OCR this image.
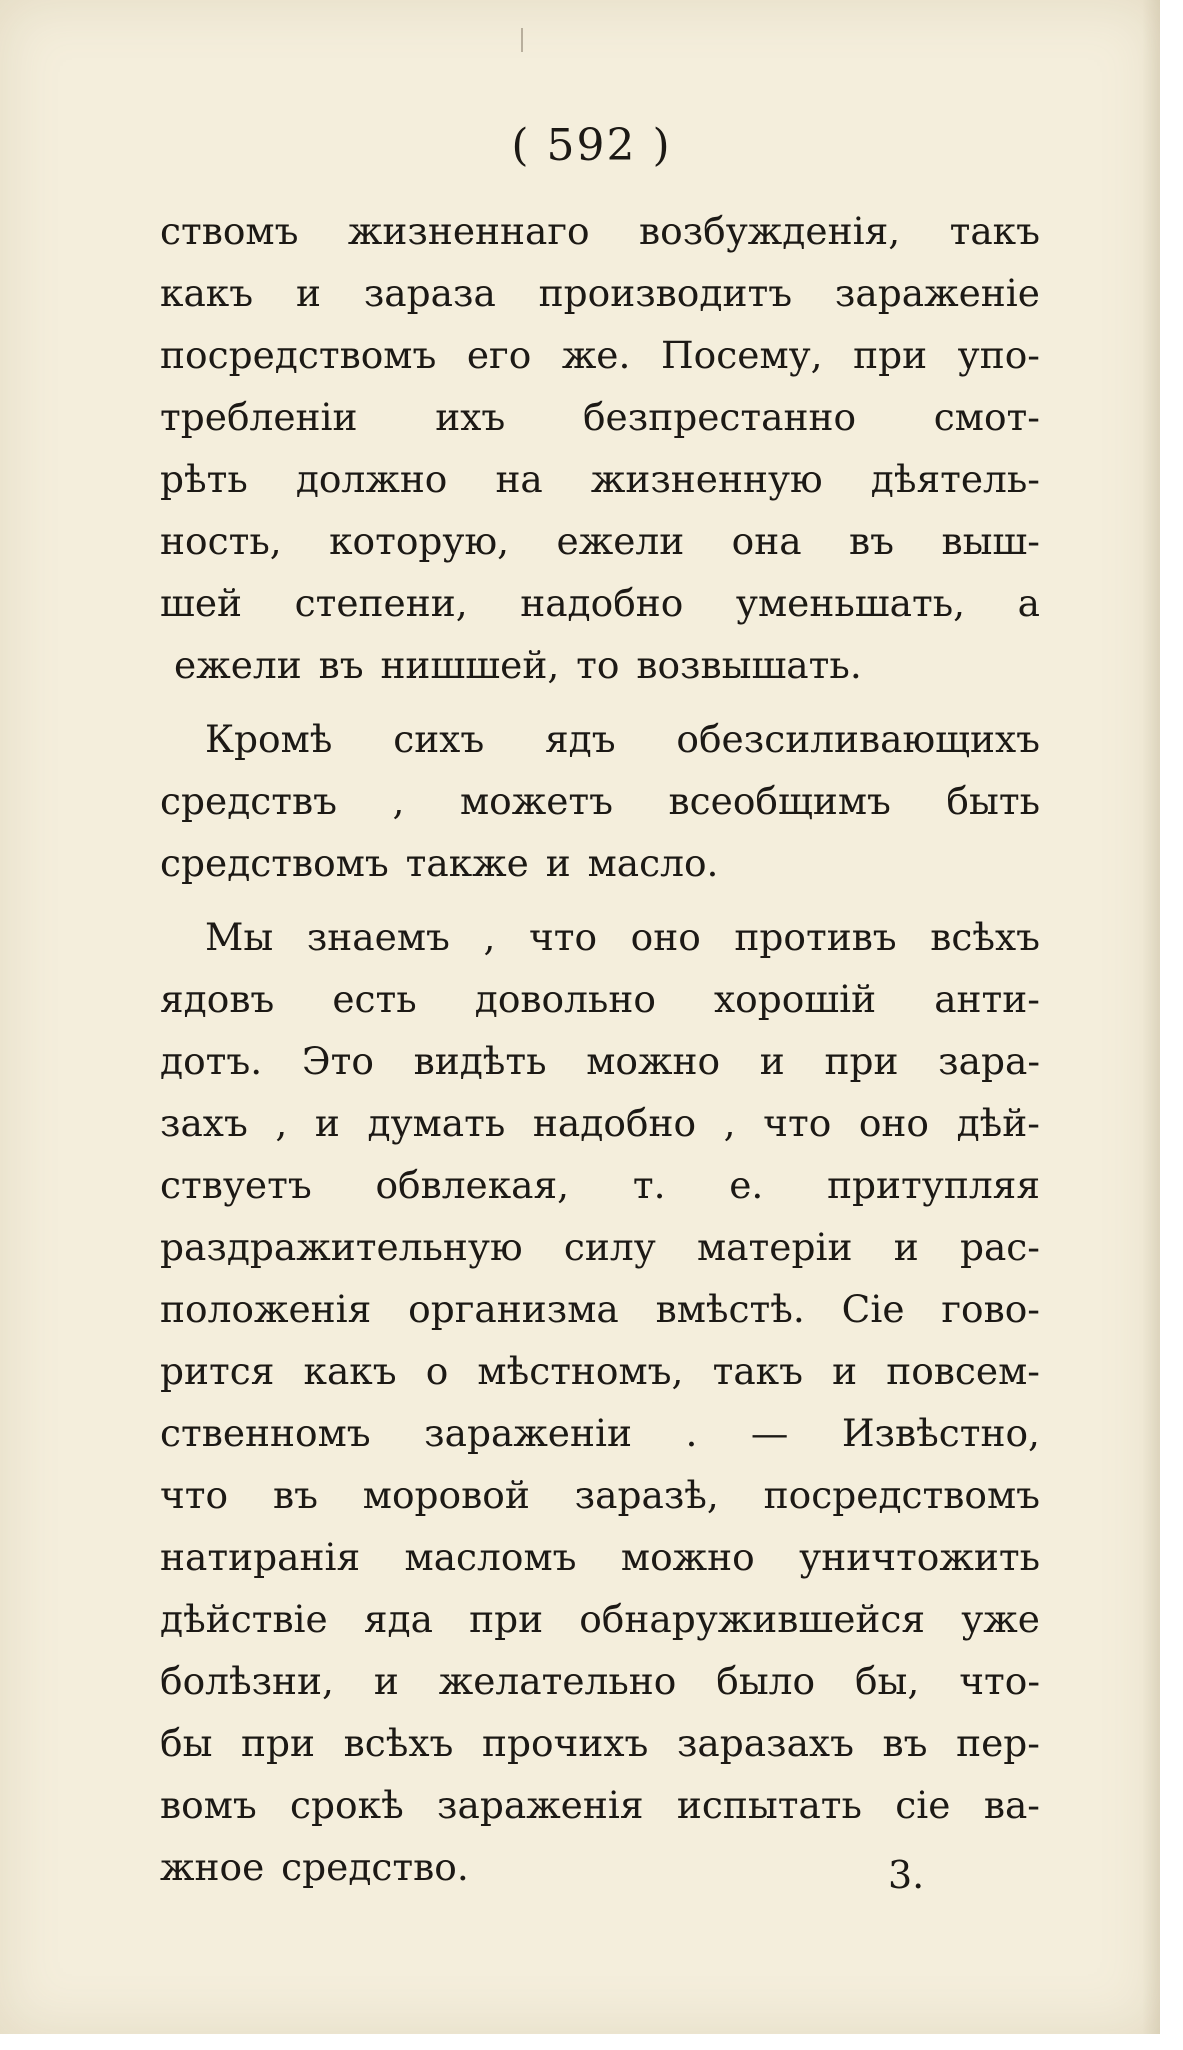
( 592 )
ствомъ жизненнаго возбужденія, такъ
какъ и зараза производитъ зараженіе
посредствомъ его же. Посему, при упо-
требленіи ихъ безпрестанно смот-
рѣть должно на жизненную дѣятель-
ность, которую, ежели она въ выш-
шей степени, надобно уменьшать, а
ежели въ нишшей, то возвышать.
Кромѣ сихъ ядъ обезсиливающихъ
средствъ , можетъ всеобщимъ быть
средствомъ также и масло.
Мы знаемъ , что оно противъ всѣхъ
ядовъ есть довольно хорошій анти-
дотъ. Это видѣть можно и при зара-
захъ , и думать надобно , что оно дѣй-
ствуетъ обвлекая, т. е. притупляя
раздражительную силу матеріи и рас-
положенія организма вмѣстѣ. Сіе гово-
рится какъ о мѣстномъ, такъ и повсем-
ственномъ зараженіи . — Извѣстно,
что въ моровой заразѣ, посредствомъ
натиранія масломъ можно уничтожить
дѣйствіе яда при обнаружившейся уже
болѣзни, и желательно было бы, что-
бы при всѣхъ прочихъ заразахъ въ пер-
вомъ срокѣ зараженія испытать сіе ва-
жное средство.	3.
